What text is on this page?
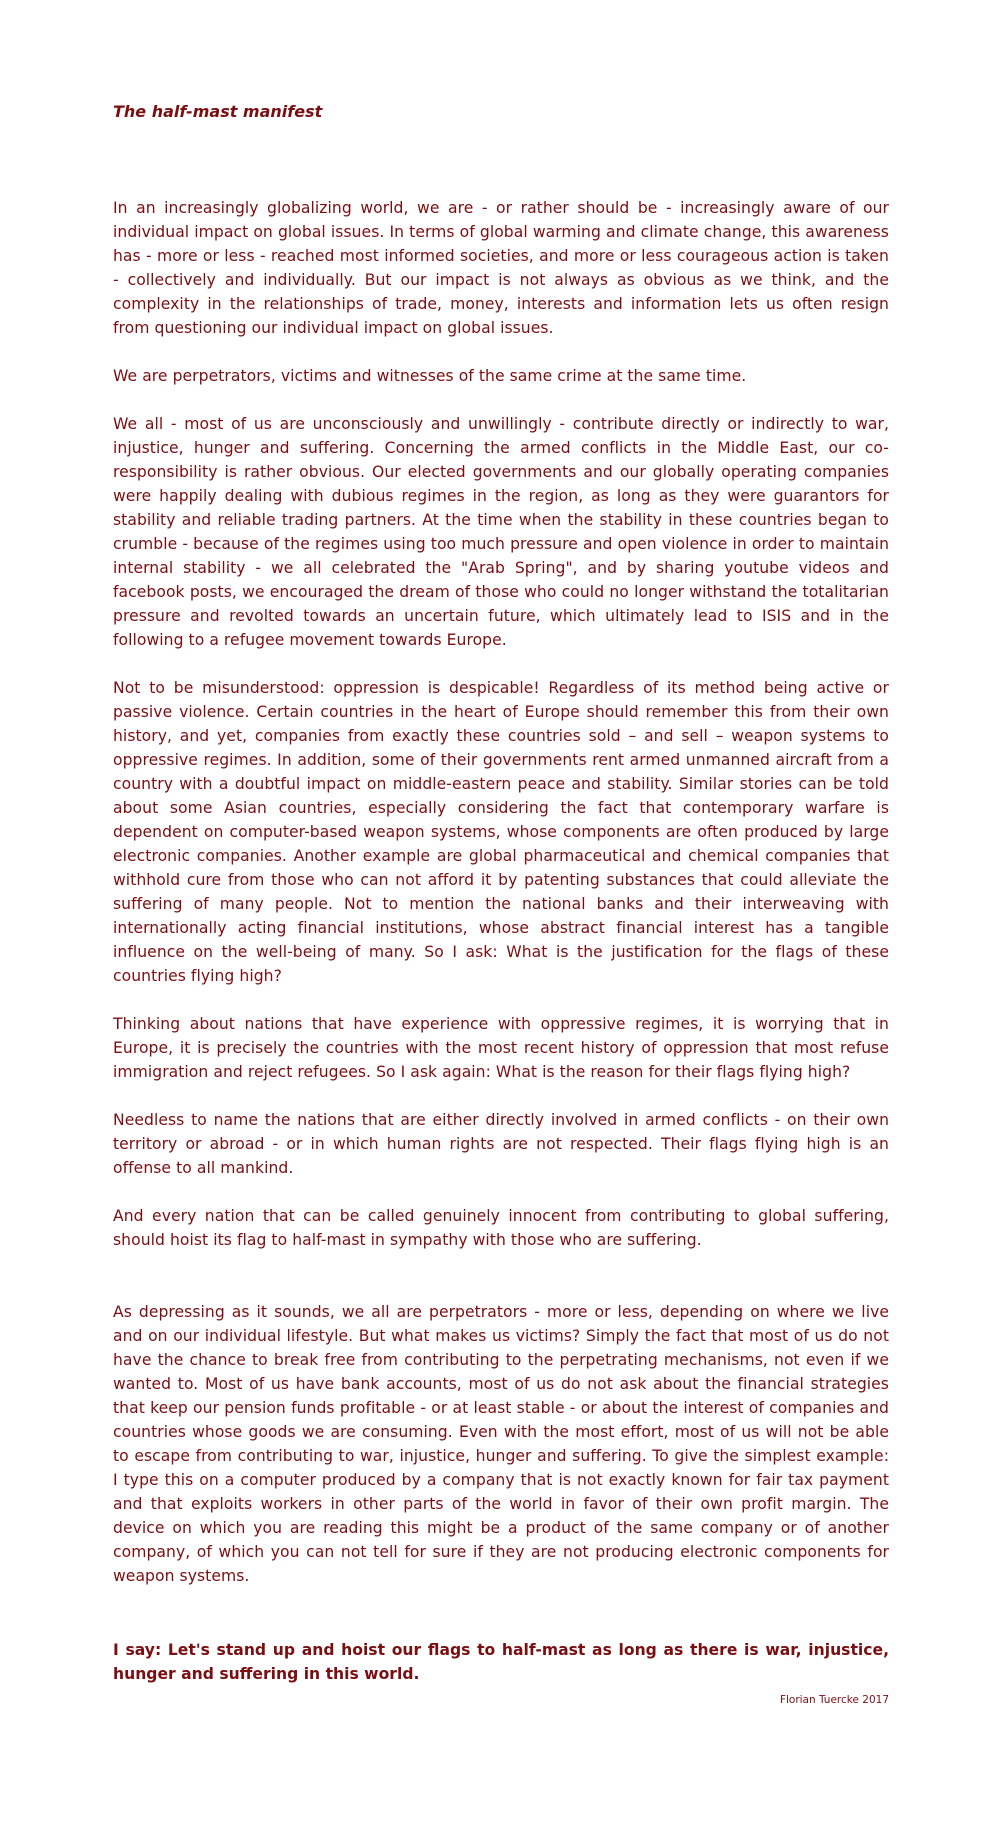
The half-mast manifest

In an increasingly globalizing world, we are - or rather should be - increasingly aware of our individual impact on global issues. In terms of global warming and climate change, this awareness has - more or less - reached most informed societies, and more or less courageous action is taken - collectively and individually. But our impact is not always as obvious as we think, and the complexity in the relationships of trade, money, interests and information lets us often resign from questioning our individual impact on global issues.

We are perpetrators, victims and witnesses of the same crime at the same time.

We all - most of us are unconsciously and unwillingly - contribute directly or indirectly to war, injustice, hunger and suffering. Concerning the armed conflicts in the Middle East, our co-responsibility is rather obvious. Our elected governments and our globally operating companies were happily dealing with dubious regimes in the region, as long as they were guarantors for stability and reliable trading partners. At the time when the stability in these countries began to crumble - because of the regimes using too much pressure and open violence in order to maintain internal stability - we all celebrated the "Arab Spring", and by sharing youtube videos and facebook posts, we encouraged the dream of those who could no longer withstand the totalitarian pressure and revolted towards an uncertain future, which ultimately lead to ISIS and in the following to a refugee movement towards Europe.

Not to be misunderstood: oppression is despicable! Regardless of its method being active or passive violence. Certain countries in the heart of Europe should remember this from their own history, and yet, companies from exactly these countries sold – and sell – weapon systems to oppressive regimes. In addition, some of their governments rent armed unmanned aircraft from a country with a doubtful impact on middle-eastern peace and stability. Similar stories can be told about some Asian countries, especially considering the fact that contemporary warfare is dependent on computer-based weapon systems, whose components are often produced by large electronic companies. Another example are global pharmaceutical and chemical companies that withhold cure from those who can not afford it by patenting substances that could alleviate the suffering of many people. Not to mention the national banks and their interweaving with internationally acting financial institutions, whose abstract financial interest has a tangible influence on the well-being of many. So I ask: What is the justification for the flags of these countries flying high?

Thinking about nations that have experience with oppressive regimes, it is worrying that in Europe, it is precisely the countries with the most recent history of oppression that most refuse immigration and reject refugees. So I ask again: What is the reason for their flags flying high?

Needless to name the nations that are either directly involved in armed conflicts - on their own territory or abroad - or in which human rights are not respected. Their flags flying high is an offense to all mankind.

And every nation that can be called genuinely innocent from contributing to global suffering, should hoist its flag to half-mast in sympathy with those who are suffering.

As depressing as it sounds, we all are perpetrators - more or less, depending on where we live and on our individual lifestyle. But what makes us victims? Simply the fact that most of us do not have the chance to break free from contributing to the perpetrating mechanisms, not even if we wanted to. Most of us have bank accounts, most of us do not ask about the financial strategies that keep our pension funds profitable - or at least stable - or about the interest of companies and countries whose goods we are consuming. Even with the most effort, most of us will not be able to escape from contributing to war, injustice, hunger and suffering. To give the simplest example: I type this on a computer produced by a company that is not exactly known for fair tax payment and that exploits workers in other parts of the world in favor of their own profit margin. The device on which you are reading this might be a product of the same company or of another company, of which you can not tell for sure if they are not producing electronic components for weapon systems.

I say: Let's stand up and hoist our flags to half-mast as long as there is war, injustice, hunger and suffering in this world.

Florian Tuercke 2017
